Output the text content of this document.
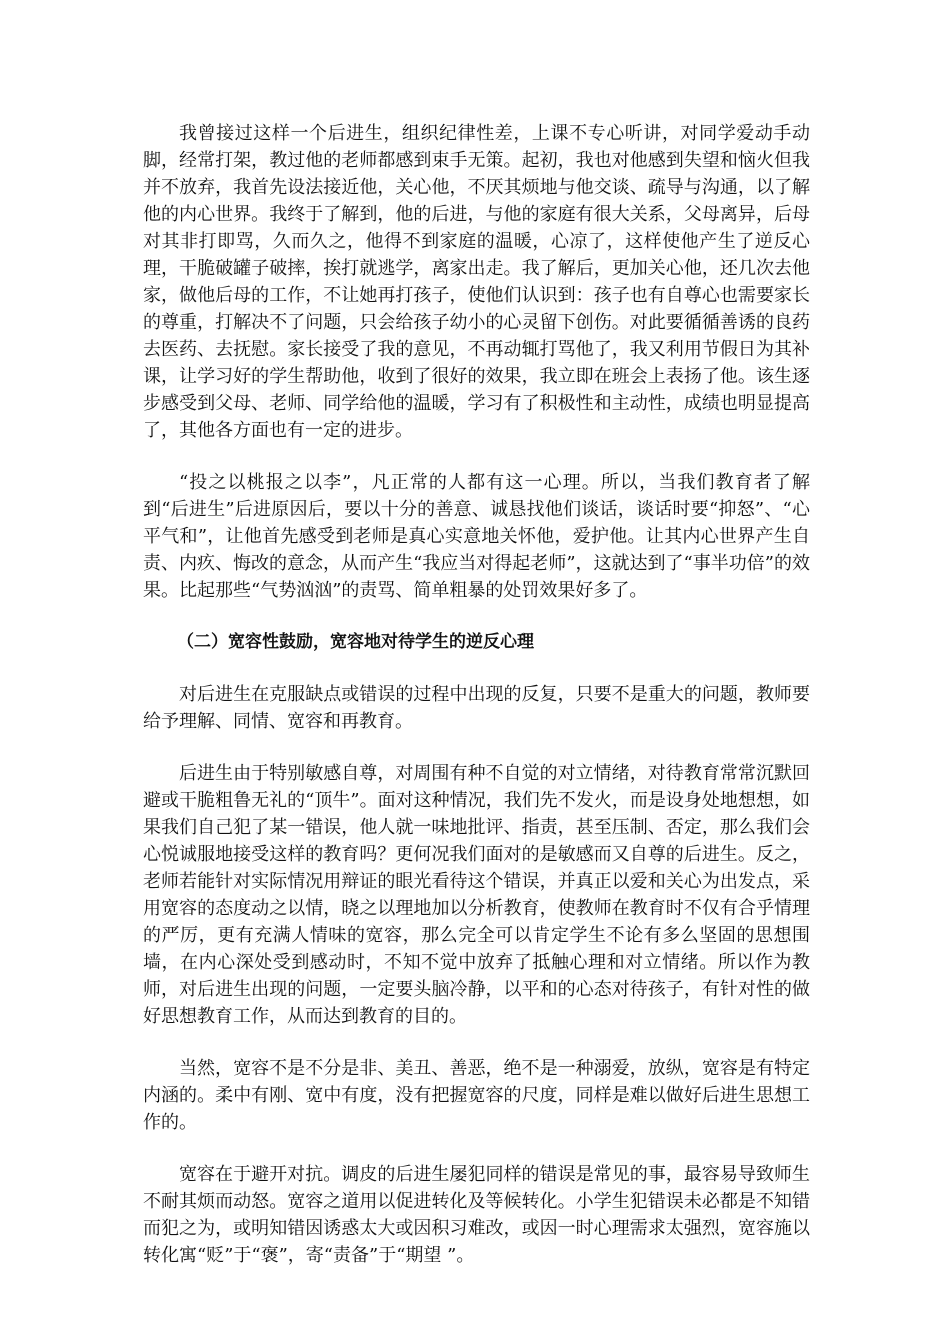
我曾接过这样一个后进生，组织纪律性差，上课不专心听讲，对同学爱动手动脚，经常打架，教过他的老师都感到束手无策。起初，我也对他感到失望和恼火但我并不放弃，我首先设法接近他，关心他，不厌其烦地与他交谈、疏导与沟通，以了解他的内心世界。我终于了解到，他的后进，与他的家庭有很大关系，父母离异，后母对其非打即骂，久而久之，他得不到家庭的温暖，心凉了，这样使他产生了逆反心理，干脆破罐子破摔，挨打就逃学，离家出走。我了解后，更加关心他，还几次去他家，做他后母的工作，不让她再打孩子，使他们认识到：孩子也有自尊心也需要家长的尊重，打解决不了问题，只会给孩子幼小的心灵留下创伤。对此要循循善诱的良药去医药、去抚慰。家长接受了我的意见，不再动辄打骂他了，我又利用节假日为其补课，让学习好的学生帮助他，收到了很好的效果，我立即在班会上表扬了他。该生逐步感受到父母、老师、同学给他的温暖，学习有了积极性和主动性，成绩也明显提高了，其他各方面也有一定的进步。

“投之以桃报之以李”，凡正常的人都有这一心理。所以，当我们教育者了解到“后进生”后进原因后，要以十分的善意、诚恳找他们谈话，谈话时要“抑怒”、“心平气和”，让他首先感受到老师是真心实意地关怀他，爱护他。让其内心世界产生自责、内疚、悔改的意念，从而产生“我应当对得起老师”，这就达到了“事半功倍”的效果。比起那些“气势汹汹”的责骂、简单粗暴的处罚效果好多了。

（二）宽容性鼓励，宽容地对待学生的逆反心理

对后进生在克服缺点或错误的过程中出现的反复，只要不是重大的问题，教师要给予理解、同情、宽容和再教育。

后进生由于特别敏感自尊，对周围有种不自觉的对立情绪，对待教育常常沉默回避或干脆粗鲁无礼的“顶牛”。面对这种情况，我们先不发火，而是设身处地想想，如果我们自己犯了某一错误，他人就一味地批评、指责，甚至压制、否定，那么我们会心悦诚服地接受这样的教育吗？更何况我们面对的是敏感而又自尊的后进生。反之，老师若能针对实际情况用辩证的眼光看待这个错误，并真正以爱和关心为出发点，采用宽容的态度动之以情，晓之以理地加以分析教育，使教师在教育时不仅有合乎情理的严厉，更有充满人情味的宽容，那么完全可以肯定学生不论有多么坚固的思想围墙，在内心深处受到感动时，不知不觉中放弃了抵触心理和对立情绪。所以作为教师，对后进生出现的问题，一定要头脑冷静，以平和的心态对待孩子，有针对性的做好思想教育工作，从而达到教育的目的。

当然，宽容不是不分是非、美丑、善恶，绝不是一种溺爱，放纵，宽容是有特定内涵的。柔中有刚、宽中有度，没有把握宽容的尺度，同样是难以做好后进生思想工作的。

宽容在于避开对抗。调皮的后进生屡犯同样的错误是常见的事，最容易导致师生不耐其烦而动怒。宽容之道用以促进转化及等候转化。小学生犯错误未必都是不知错而犯之为，或明知错因诱惑太大或因积习难改，或因一时心理需求太强烈，宽容施以转化寓“贬”于“褒”，寄“责备”于“期望 ”。
